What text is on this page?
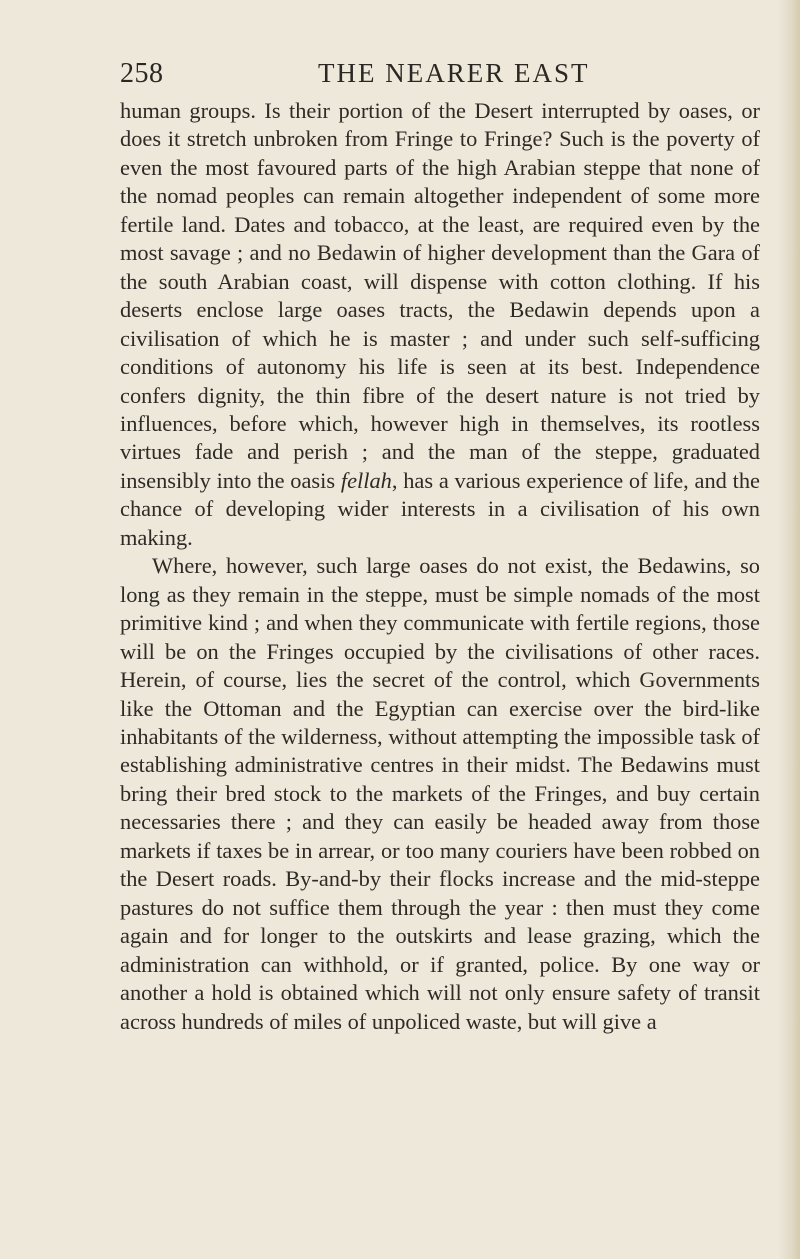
258	THE NEARER EAST

human groups. Is their portion of the Desert interrupted by oases, or does it stretch unbroken from Fringe to Fringe? Such is the poverty of even the most favoured parts of the high Arabian steppe that none of the nomad peoples can remain altogether independent of some more fertile land. Dates and tobacco, at the least, are required even by the most savage ; and no Bedawin of higher development than the Gara of the south Arabian coast, will dispense with cotton clothing. If his deserts enclose large oases tracts, the Bedawin depends upon a civilisation of which he is master ; and under such self-sufficing conditions of autonomy his life is seen at its best. Independence confers dignity, the thin fibre of the desert nature is not tried by influences, before which, however high in themselves, its rootless virtues fade and perish ; and the man of the steppe, graduated insensibly into the oasis fellah, has a various experience of life, and the chance of developing wider interests in a civilisation of his own making.

Where, however, such large oases do not exist, the Bedawins, so long as they remain in the steppe, must be simple nomads of the most primitive kind ; and when they communicate with fertile regions, those will be on the Fringes occupied by the civilisations of other races. Herein, of course, lies the secret of the control, which Governments like the Ottoman and the Egyptian can exercise over the bird-like inhabitants of the wilderness, without attempting the impossible task of establishing administrative centres in their midst. The Bedawins must bring their bred stock to the markets of the Fringes, and buy certain necessaries there ; and they can easily be headed away from those markets if taxes be in arrear, or too many couriers have been robbed on the Desert roads. By-and-by their flocks increase and the mid-steppe pastures do not suffice them through the year : then must they come again and for longer to the outskirts and lease grazing, which the administration can withhold, or if granted, police. By one way or another a hold is obtained which will not only ensure safety of transit across hundreds of miles of unpoliced waste, but will give a
